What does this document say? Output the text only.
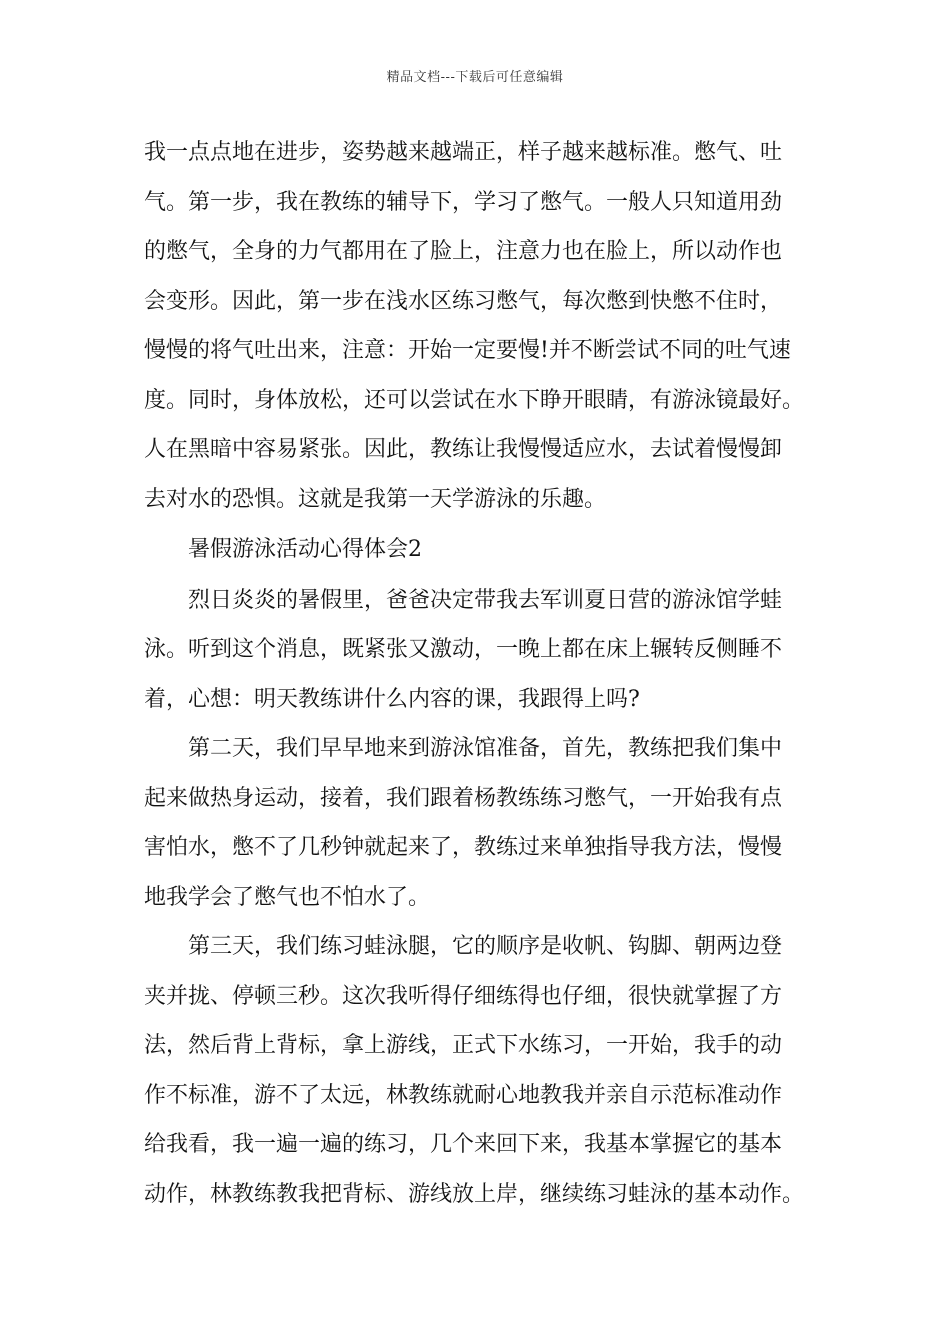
精品文档---下载后可任意编辑
我一点点地在进步，姿势越来越端正，样子越来越标准。憋气、吐
气。第一步，我在教练的辅导下，学习了憋气。一般人只知道用劲
的憋气，全身的力气都用在了脸上，注意力也在脸上，所以动作也
会变形。因此，第一步在浅水区练习憋气，每次憋到快憋不住时，
慢慢的将气吐出来，注意：开始一定要慢!并不断尝试不同的吐气速
度。同时，身体放松，还可以尝试在水下睁开眼睛，有游泳镜最好。
人在黑暗中容易紧张。因此，教练让我慢慢适应水，去试着慢慢卸
去对水的恐惧。这就是我第一天学游泳的乐趣。
暑假游泳活动心得体会2
烈日炎炎的暑假里，爸爸决定带我去军训夏日营的游泳馆学蛙
泳。听到这个消息，既紧张又激动，一晚上都在床上辗转反侧睡不
着，心想：明天教练讲什么内容的课，我跟得上吗?
第二天，我们早早地来到游泳馆准备，首先，教练把我们集中
起来做热身运动，接着，我们跟着杨教练练习憋气，一开始我有点
害怕水，憋不了几秒钟就起来了，教练过来单独指导我方法，慢慢
地我学会了憋气也不怕水了。
第三天，我们练习蛙泳腿，它的顺序是收帆、钩脚、朝两边登
夹并拢、停顿三秒。这次我听得仔细练得也仔细，很快就掌握了方
法，然后背上背标，拿上游线，正式下水练习，一开始，我手的动
作不标准，游不了太远，林教练就耐心地教我并亲自示范标准动作
给我看，我一遍一遍的练习，几个来回下来，我基本掌握它的基本
动作，林教练教我把背标、游线放上岸，继续练习蛙泳的基本动作。
